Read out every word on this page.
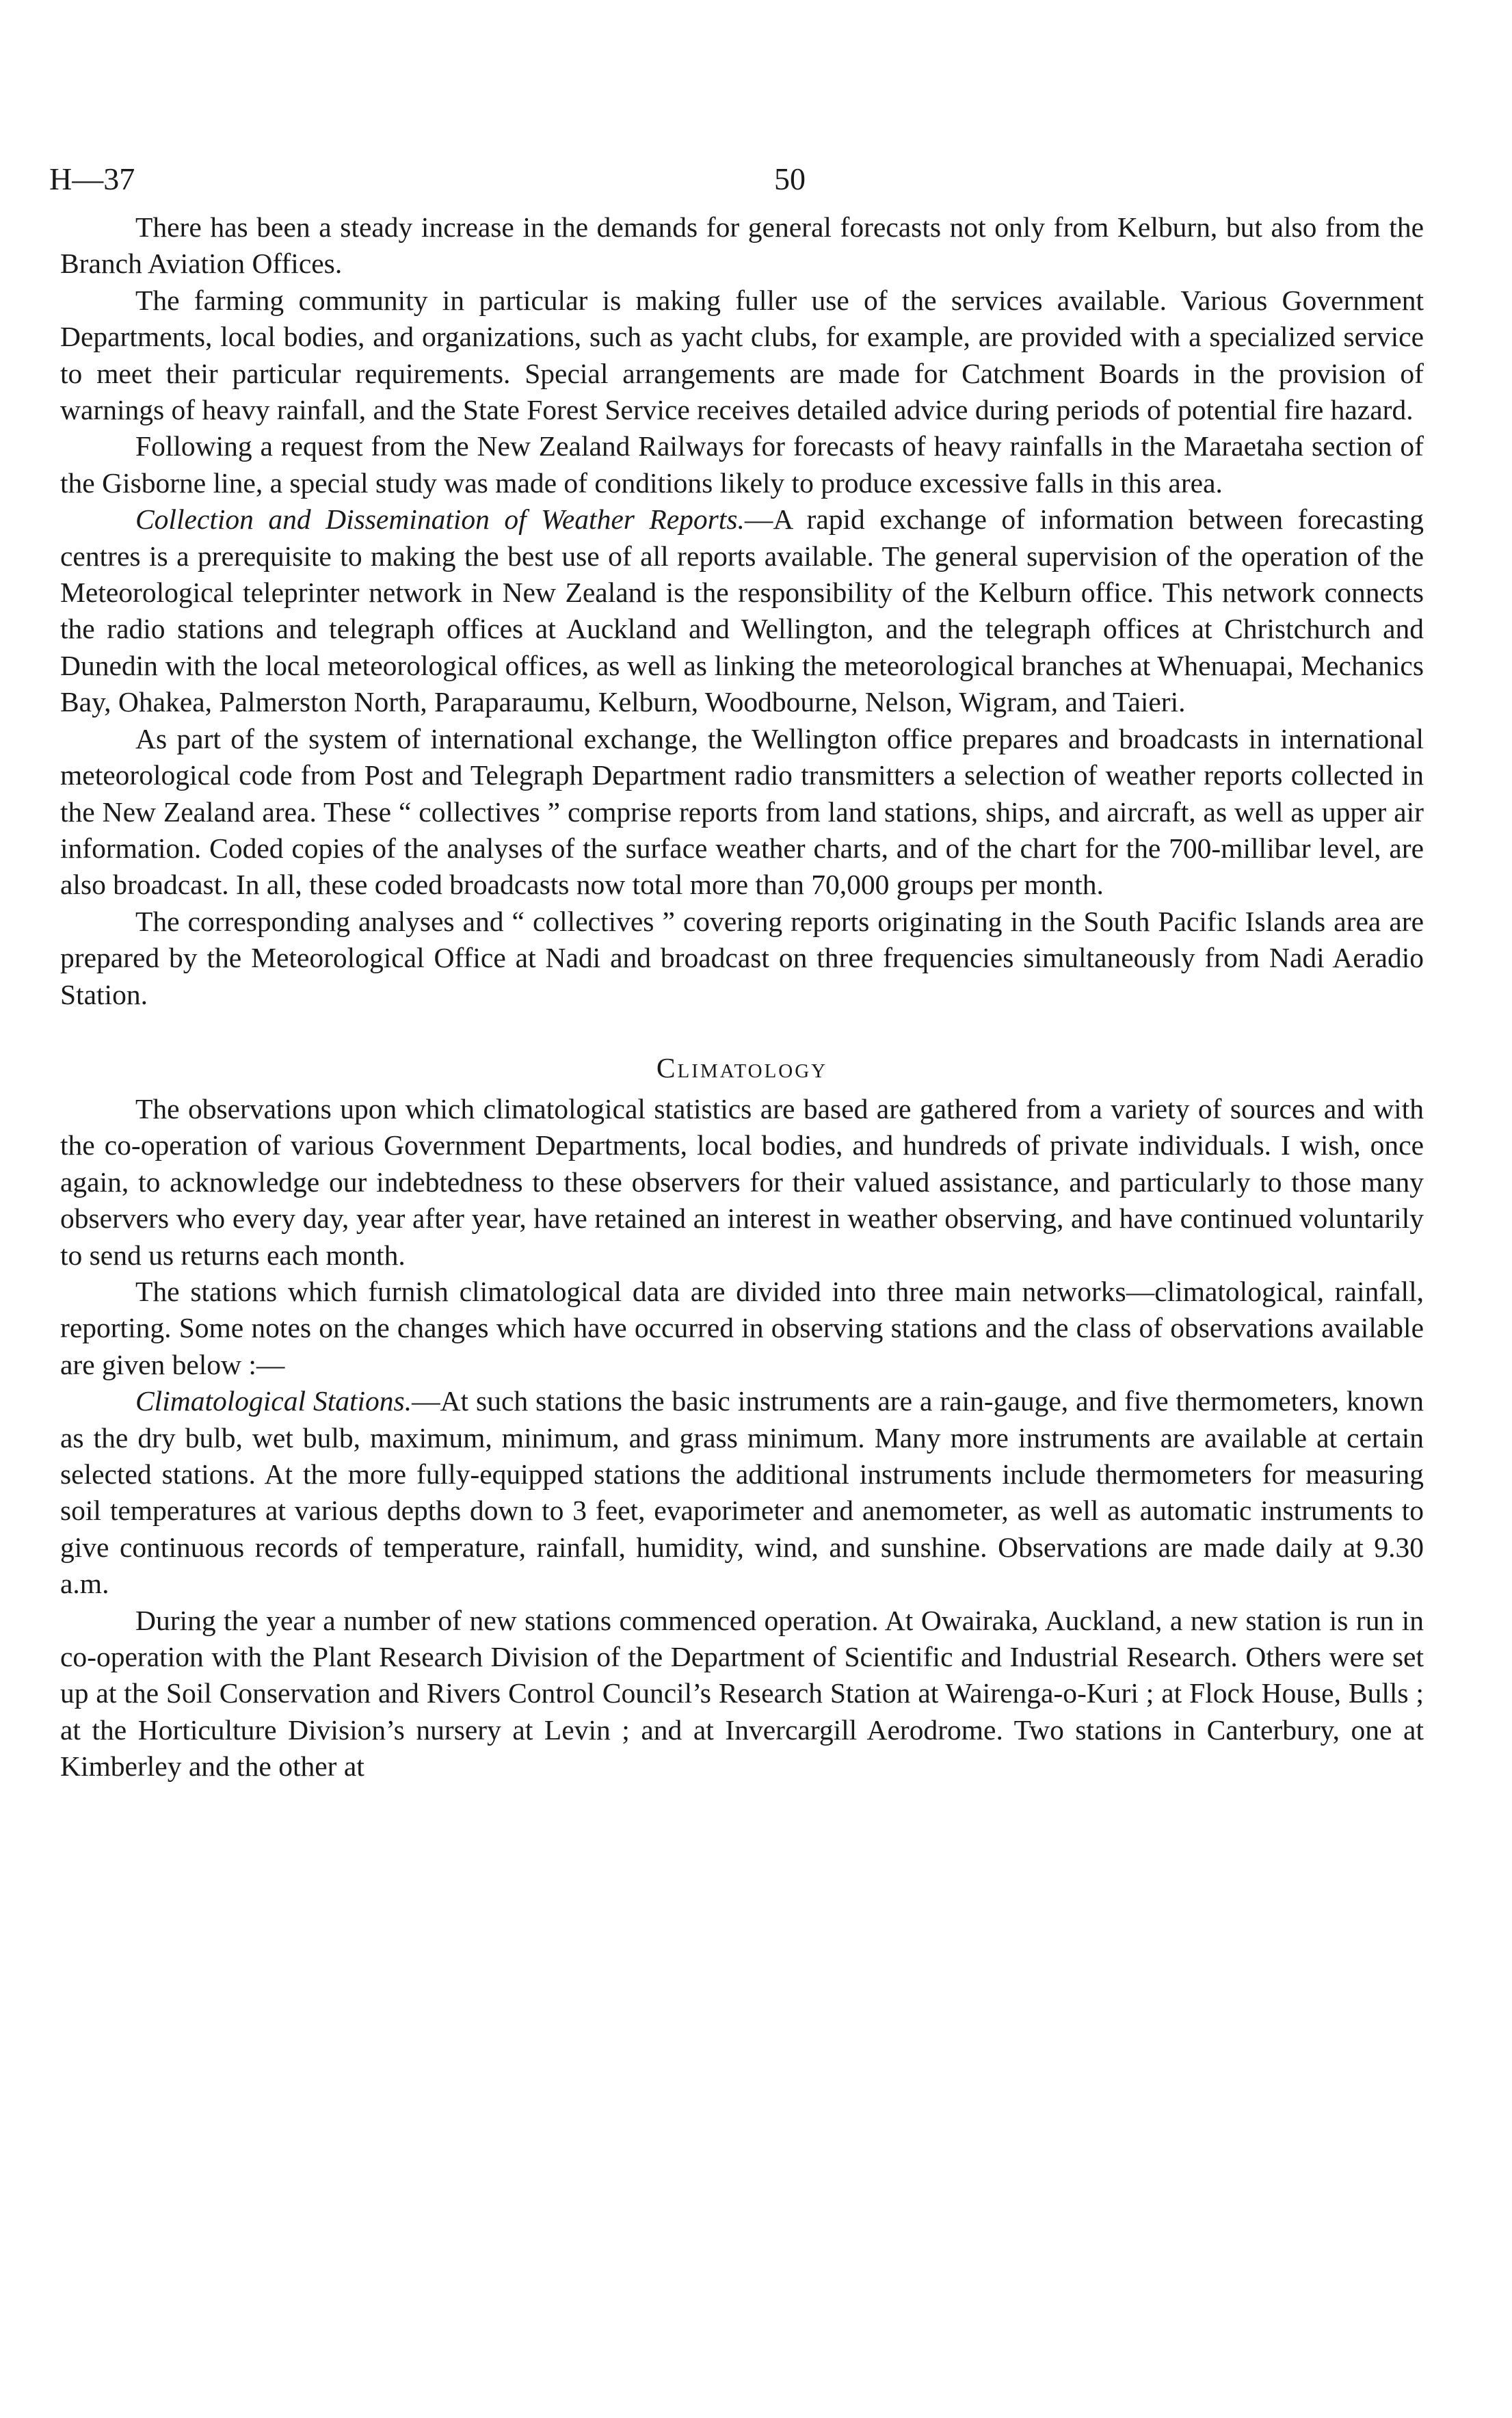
H—37	50

There has been a steady increase in the demands for general forecasts not only from Kelburn, but also from the Branch Aviation Offices.

The farming community in particular is making fuller use of the services available. Various Government Departments, local bodies, and organizations, such as yacht clubs, for example, are provided with a specialized service to meet their particular requirements. Special arrangements are made for Catchment Boards in the provision of warnings of heavy rainfall, and the State Forest Service receives detailed advice during periods of potential fire hazard.

Following a request from the New Zealand Railways for forecasts of heavy rainfalls in the Maraetaha section of the Gisborne line, a special study was made of conditions likely to produce excessive falls in this area.

Collection and Dissemination of Weather Reports.—A rapid exchange of information between forecasting centres is a prerequisite to making the best use of all reports available. The general supervision of the operation of the Meteorological teleprinter network in New Zealand is the responsibility of the Kelburn office. This network connects the radio stations and telegraph offices at Auckland and Wellington, and the telegraph offices at Christchurch and Dunedin with the local meteorological offices, as well as linking the meteorological branches at Whenuapai, Mechanics Bay, Ohakea, Palmerston North, Paraparaumu, Kelburn, Woodbourne, Nelson, Wigram, and Taieri.

As part of the system of international exchange, the Wellington office prepares and broadcasts in international meteorological code from Post and Telegraph Department radio transmitters a selection of weather reports collected in the New Zealand area. These “ collectives ” comprise reports from land stations, ships, and aircraft, as well as upper air information. Coded copies of the analyses of the surface weather charts, and of the chart for the 700-millibar level, are also broadcast. In all, these coded broadcasts now total more than 70,000 groups per month.

The corresponding analyses and “ collectives ” covering reports originating in the South Pacific Islands area are prepared by the Meteorological Office at Nadi and broadcast on three frequencies simultaneously from Nadi Aeradio Station.

Climatology

The observations upon which climatological statistics are based are gathered from a variety of sources and with the co-operation of various Government Departments, local bodies, and hundreds of private individuals. I wish, once again, to acknowledge our indebtedness to these observers for their valued assistance, and particularly to those many observers who every day, year after year, have retained an interest in weather observing, and have continued voluntarily to send us returns each month.

The stations which furnish climatological data are divided into three main networks—climatological, rainfall, reporting. Some notes on the changes which have occurred in observing stations and the class of observations available are given below :—

Climatological Stations.—At such stations the basic instruments are a rain-gauge, and five thermometers, known as the dry bulb, wet bulb, maximum, minimum, and grass minimum. Many more instruments are available at certain selected stations. At the more fully-equipped stations the additional instruments include thermometers for measuring soil temperatures at various depths down to 3 feet, evaporimeter and anemometer, as well as automatic instruments to give continuous records of temperature, rainfall, humidity, wind, and sunshine. Observations are made daily at 9.30 a.m.

During the year a number of new stations commenced operation. At Owairaka, Auckland, a new station is run in co-operation with the Plant Research Division of the Department of Scientific and Industrial Research. Others were set up at the Soil Conservation and Rivers Control Council’s Research Station at Wairenga-o-Kuri ; at Flock House, Bulls ; at the Horticulture Division’s nursery at Levin ; and at Invercargill Aerodrome. Two stations in Canterbury, one at Kimberley and the other at
